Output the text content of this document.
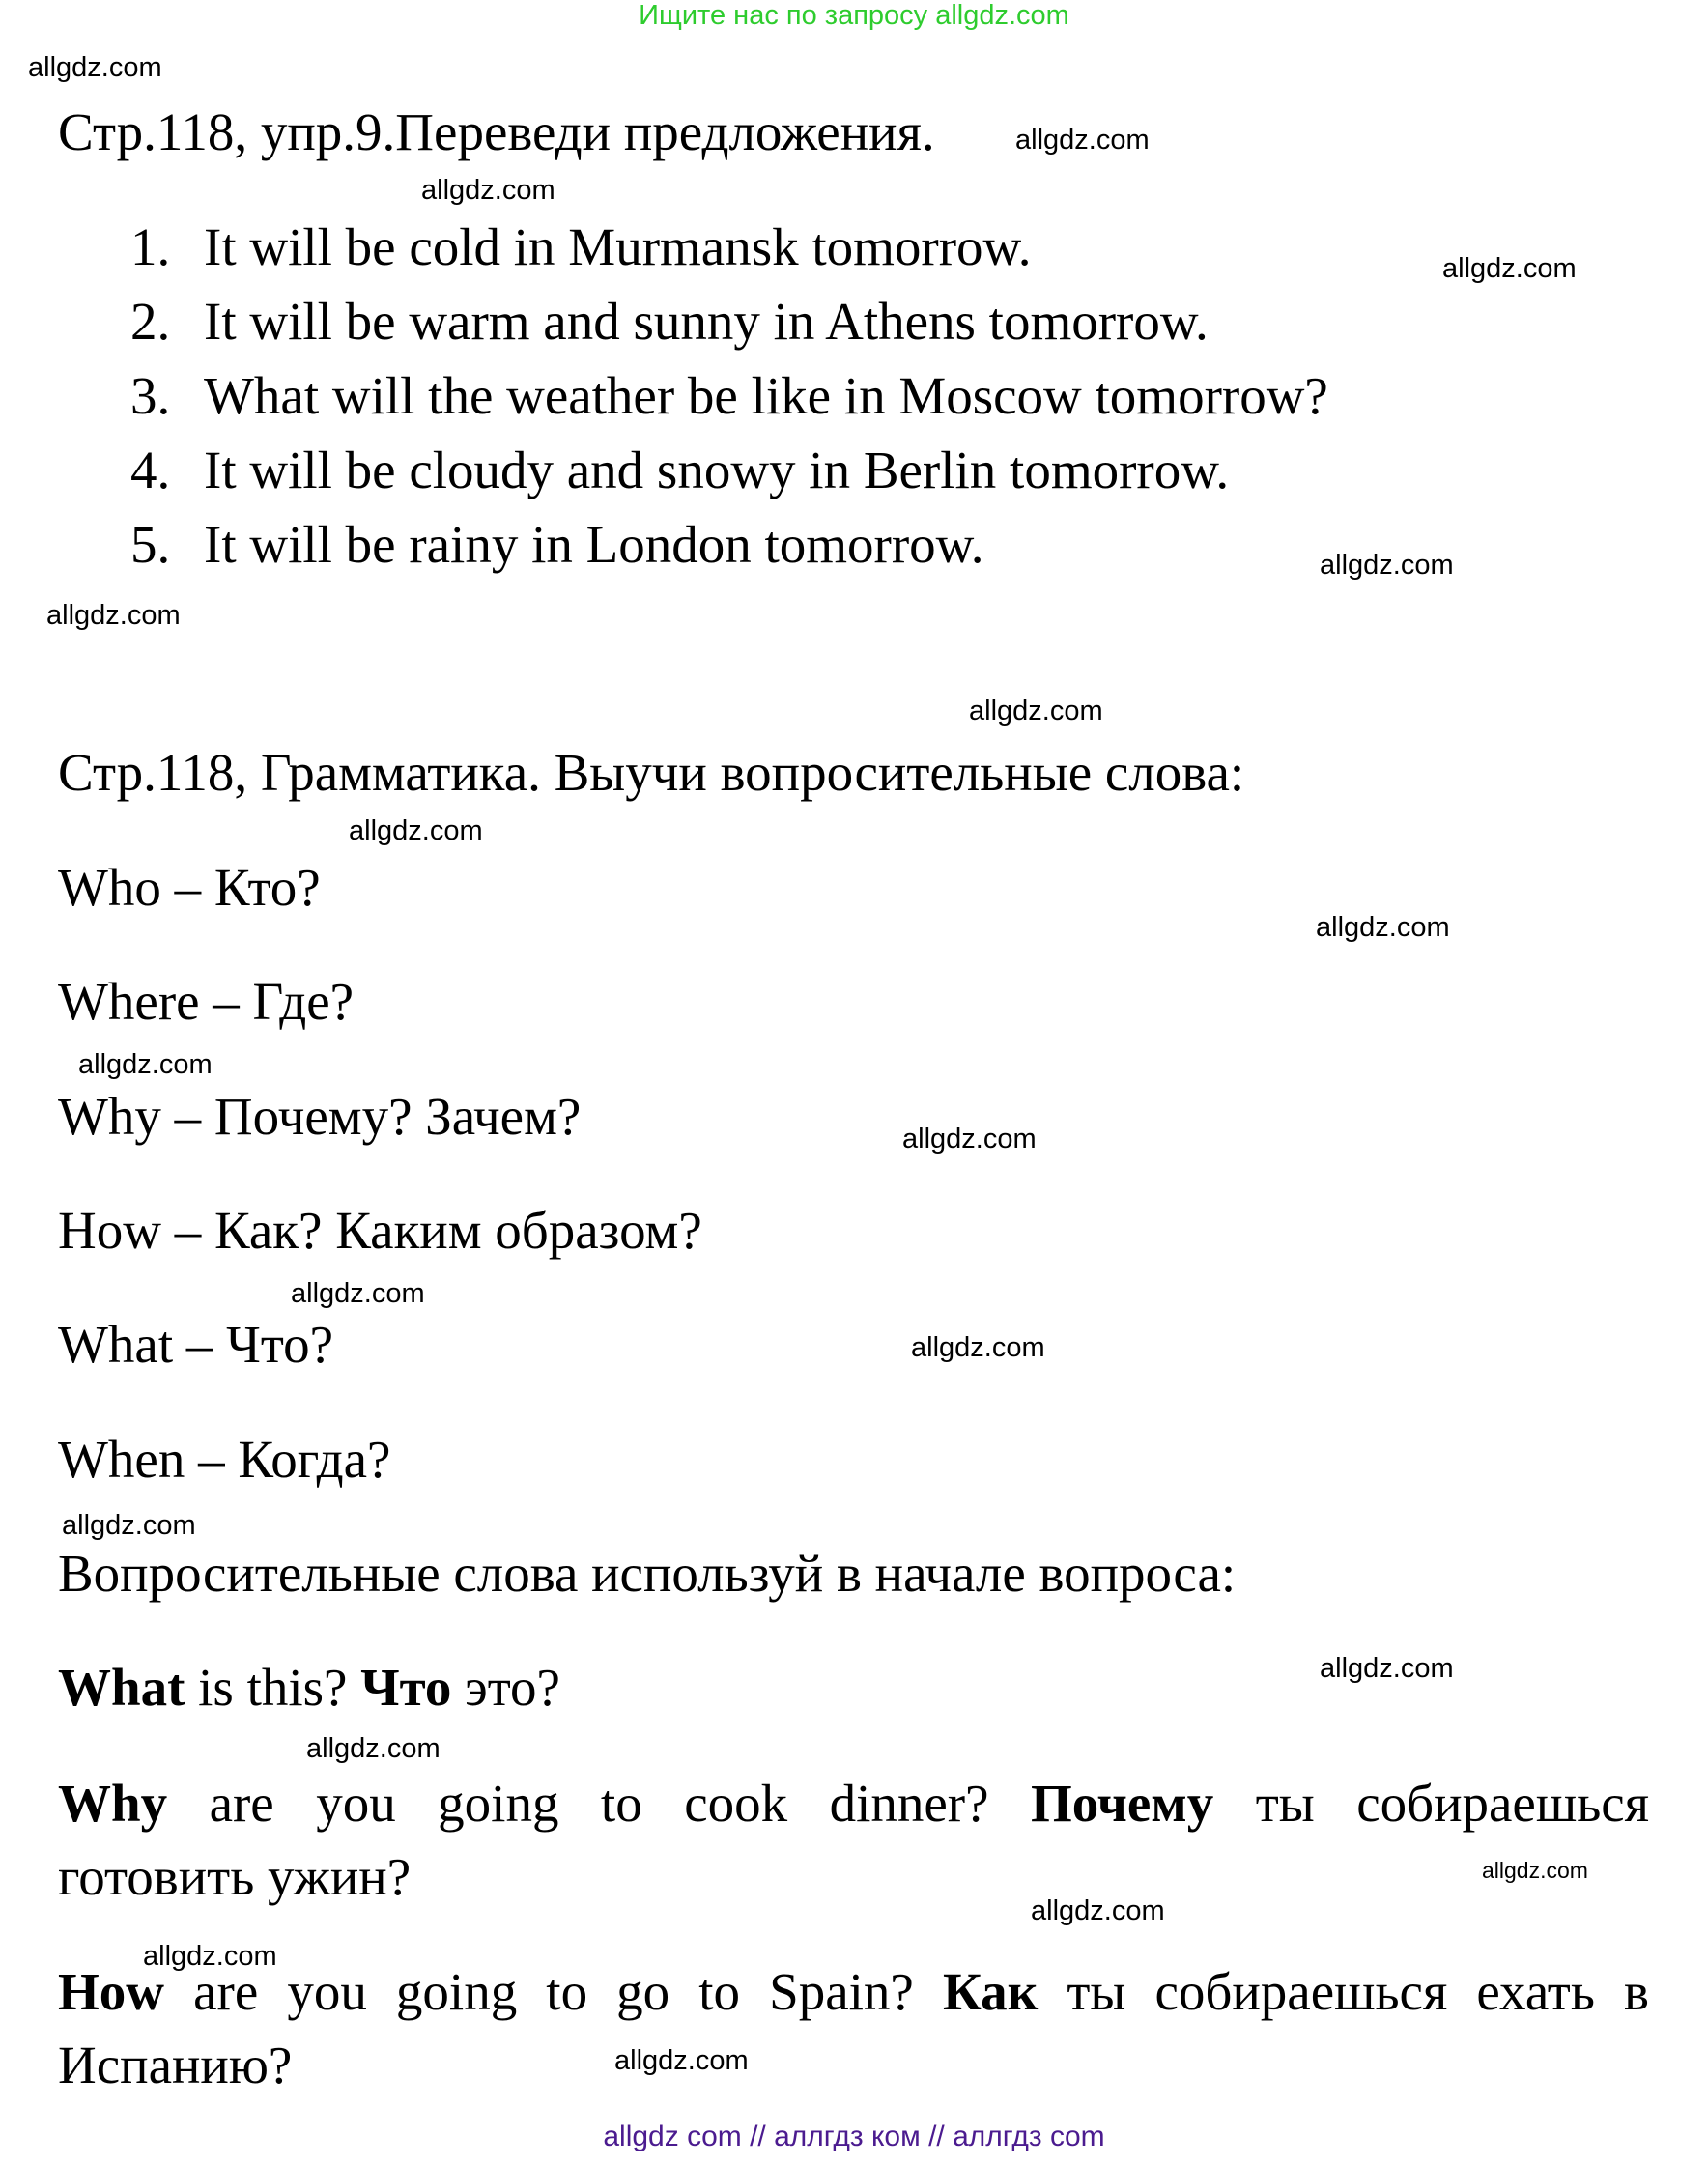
Ищите нас по запросу allgdz.com
Стр.118, упр.9.Переведи предложения.
1. It will be cold in Murmansk tomorrow.
2. It will be warm and sunny in Athens tomorrow.
3. What will the weather be like in Moscow tomorrow?
4. It will be cloudy and snowy in Berlin tomorrow.
5. It will be rainy in London tomorrow.
Стр.118, Грамматика. Выучи вопросительные слова:
Who – Кто?
Where – Где?
Why – Почему? Зачем?
How – Как? Каким образом?
What – Что?
When – Когда?
Вопросительные слова используй в начале вопроса:
What is this? Что это?
Why are you going to cook dinner? Почему ты собираешься
готовить ужин?
How are you going to go to Spain? Как ты собираешься ехать в
Испанию?
allgdz.com
allgdz.com
allgdz.com
allgdz.com
allgdz.com
allgdz.com
allgdz.com
allgdz.com
allgdz.com
allgdz.com
allgdz.com
allgdz.com
allgdz.com
allgdz.com
allgdz.com
allgdz.com
allgdz.com
allgdz.com
allgdz.com
allgdz.com
allgdz com // аллгдз ком // аллгдз com
